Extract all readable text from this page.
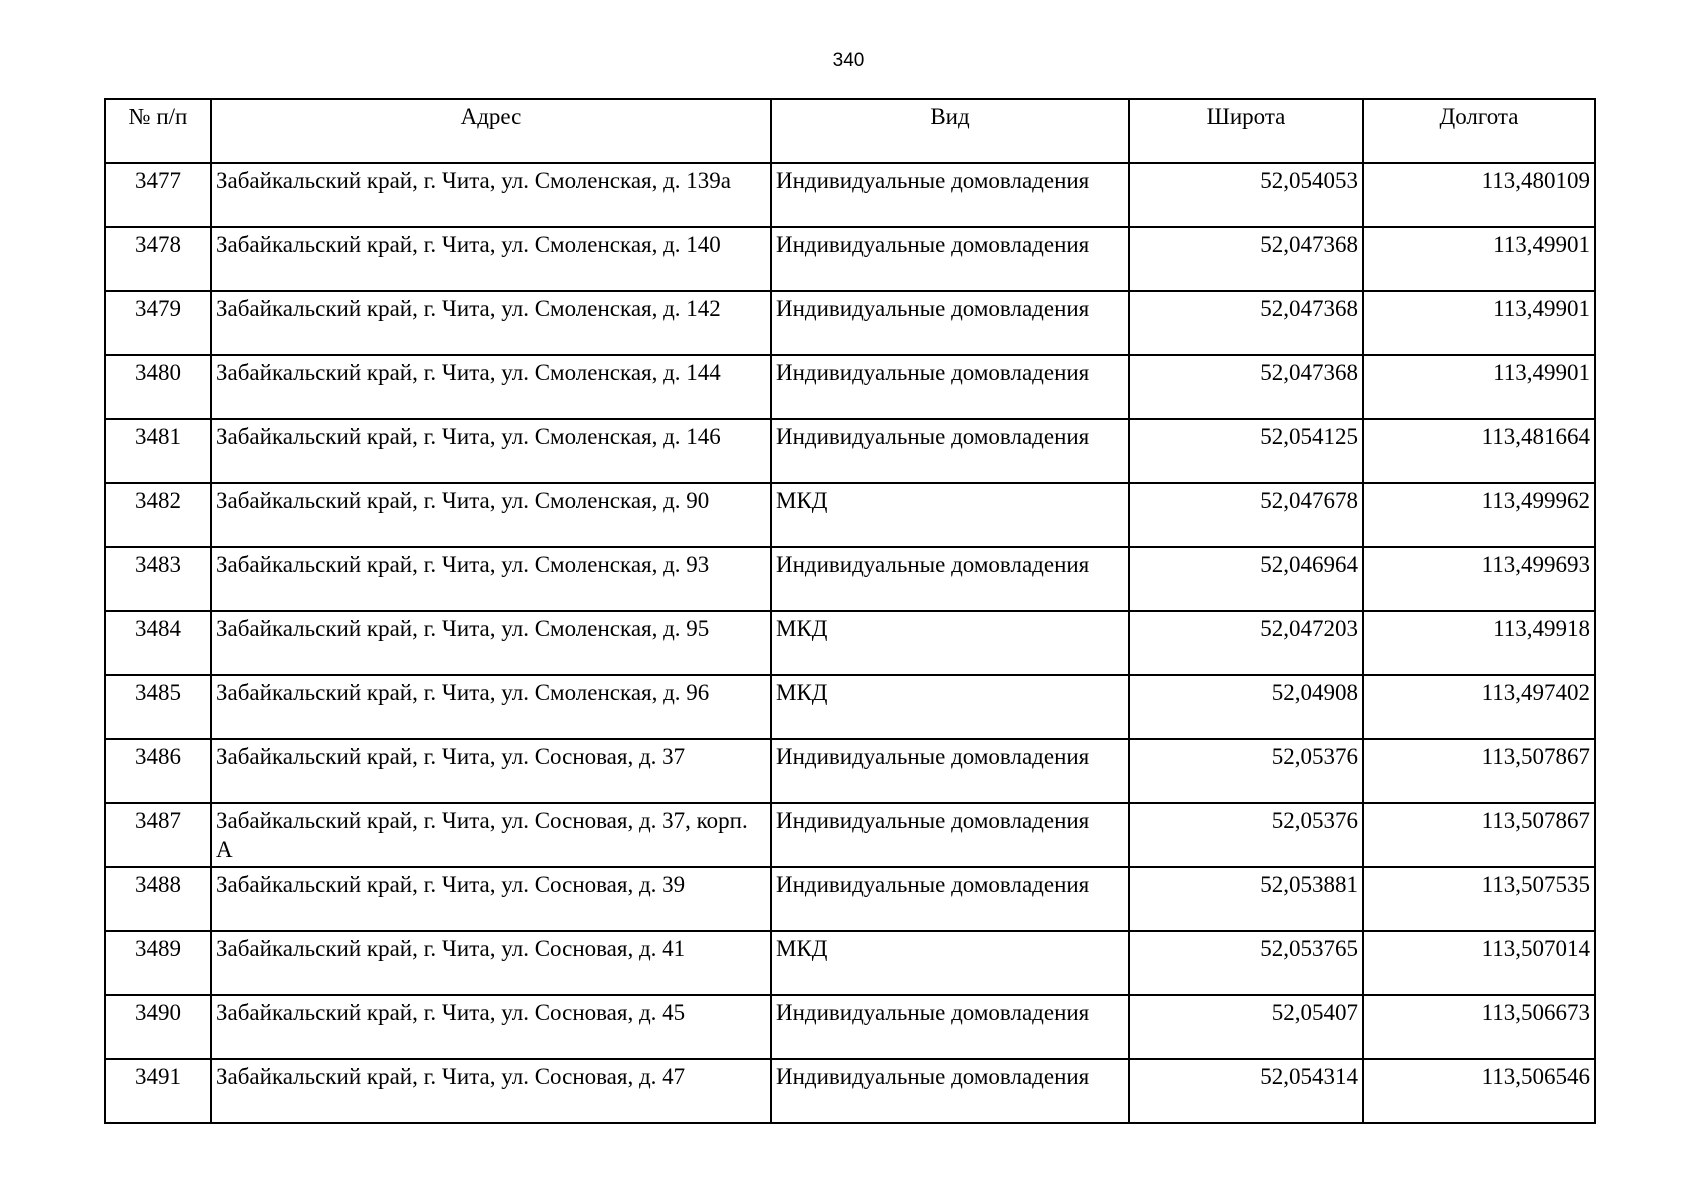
340
№ п/п	Адрес	Вид	Широта	Долгота
3477	Забайкальский край, г. Чита, ул. Смоленская, д. 139а	Индивидуальные домовладения	52,054053	113,480109
3478	Забайкальский край, г. Чита, ул. Смоленская, д. 140	Индивидуальные домовладения	52,047368	113,49901
3479	Забайкальский край, г. Чита, ул. Смоленская, д. 142	Индивидуальные домовладения	52,047368	113,49901
3480	Забайкальский край, г. Чита, ул. Смоленская, д. 144	Индивидуальные домовладения	52,047368	113,49901
3481	Забайкальский край, г. Чита, ул. Смоленская, д. 146	Индивидуальные домовладения	52,054125	113,481664
3482	Забайкальский край, г. Чита, ул. Смоленская, д. 90	МКД	52,047678	113,499962
3483	Забайкальский край, г. Чита, ул. Смоленская, д. 93	Индивидуальные домовладения	52,046964	113,499693
3484	Забайкальский край, г. Чита, ул. Смоленская, д. 95	МКД	52,047203	113,49918
3485	Забайкальский край, г. Чита, ул. Смоленская, д. 96	МКД	52,04908	113,497402
3486	Забайкальский край, г. Чита, ул. Сосновая, д. 37	Индивидуальные домовладения	52,05376	113,507867
3487	Забайкальский край, г. Чита, ул. Сосновая, д. 37, корп. А	Индивидуальные домовладения	52,05376	113,507867
3488	Забайкальский край, г. Чита, ул. Сосновая, д. 39	Индивидуальные домовладения	52,053881	113,507535
3489	Забайкальский край, г. Чита, ул. Сосновая, д. 41	МКД	52,053765	113,507014
3490	Забайкальский край, г. Чита, ул. Сосновая, д. 45	Индивидуальные домовладения	52,05407	113,506673
3491	Забайкальский край, г. Чита, ул. Сосновая, д. 47	Индивидуальные домовладения	52,054314	113,506546
